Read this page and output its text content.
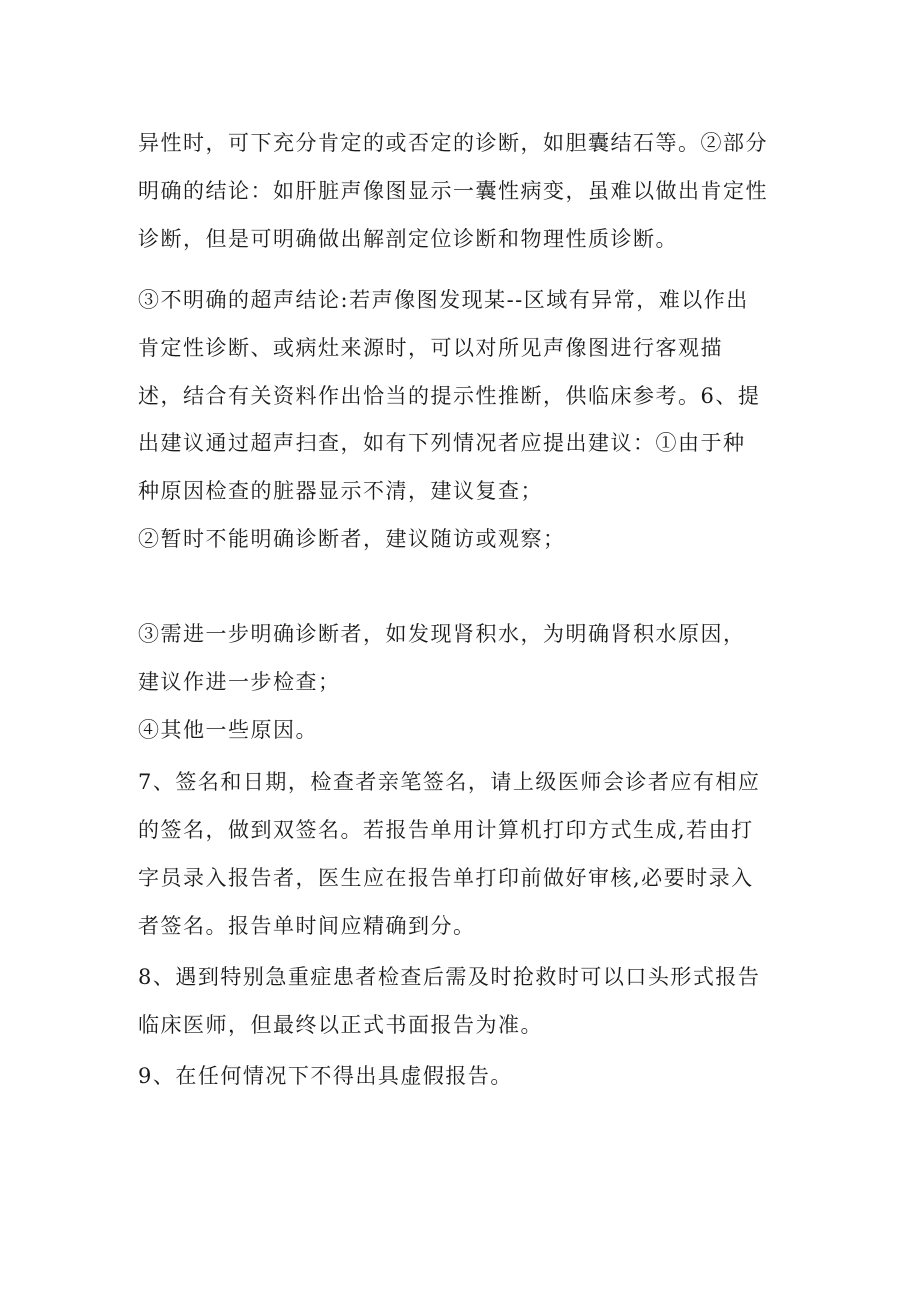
异性时，可下充分肯定的或否定的诊断，如胆囊结石等。②部分
明确的结论：如肝脏声像图显示一囊性病变，虽难以做出肯定性
诊断，但是可明确做出解剖定位诊断和物理性质诊断。
③不明确的超声结论:若声像图发现某--区域有异常，难以作出
肯定性诊断、或病灶来源时，可以对所见声像图进行客观描
述，结合有关资料作出恰当的提示性推断，供临床参考。6、提
出建议通过超声扫查，如有下列情况者应提出建议：①由于种
种原因检查的脏器显示不清，建议复查；
②暂时不能明确诊断者，建议随访或观察；
③需进一步明确诊断者，如发现肾积水，为明确肾积水原因，
建议作进一步检查；
④其他一些原因。
7、签名和日期，检查者亲笔签名，请上级医师会诊者应有相应
的签名，做到双签名。若报告单用计算机打印方式生成,若由打
字员录入报告者，医生应在报告单打印前做好审核,必要时录入
者签名。报告单时间应精确到分。
8、遇到特别急重症患者检查后需及时抢救时可以口头形式报告
临床医师，但最终以正式书面报告为准。
9、在任何情况下不得出具虚假报告。
